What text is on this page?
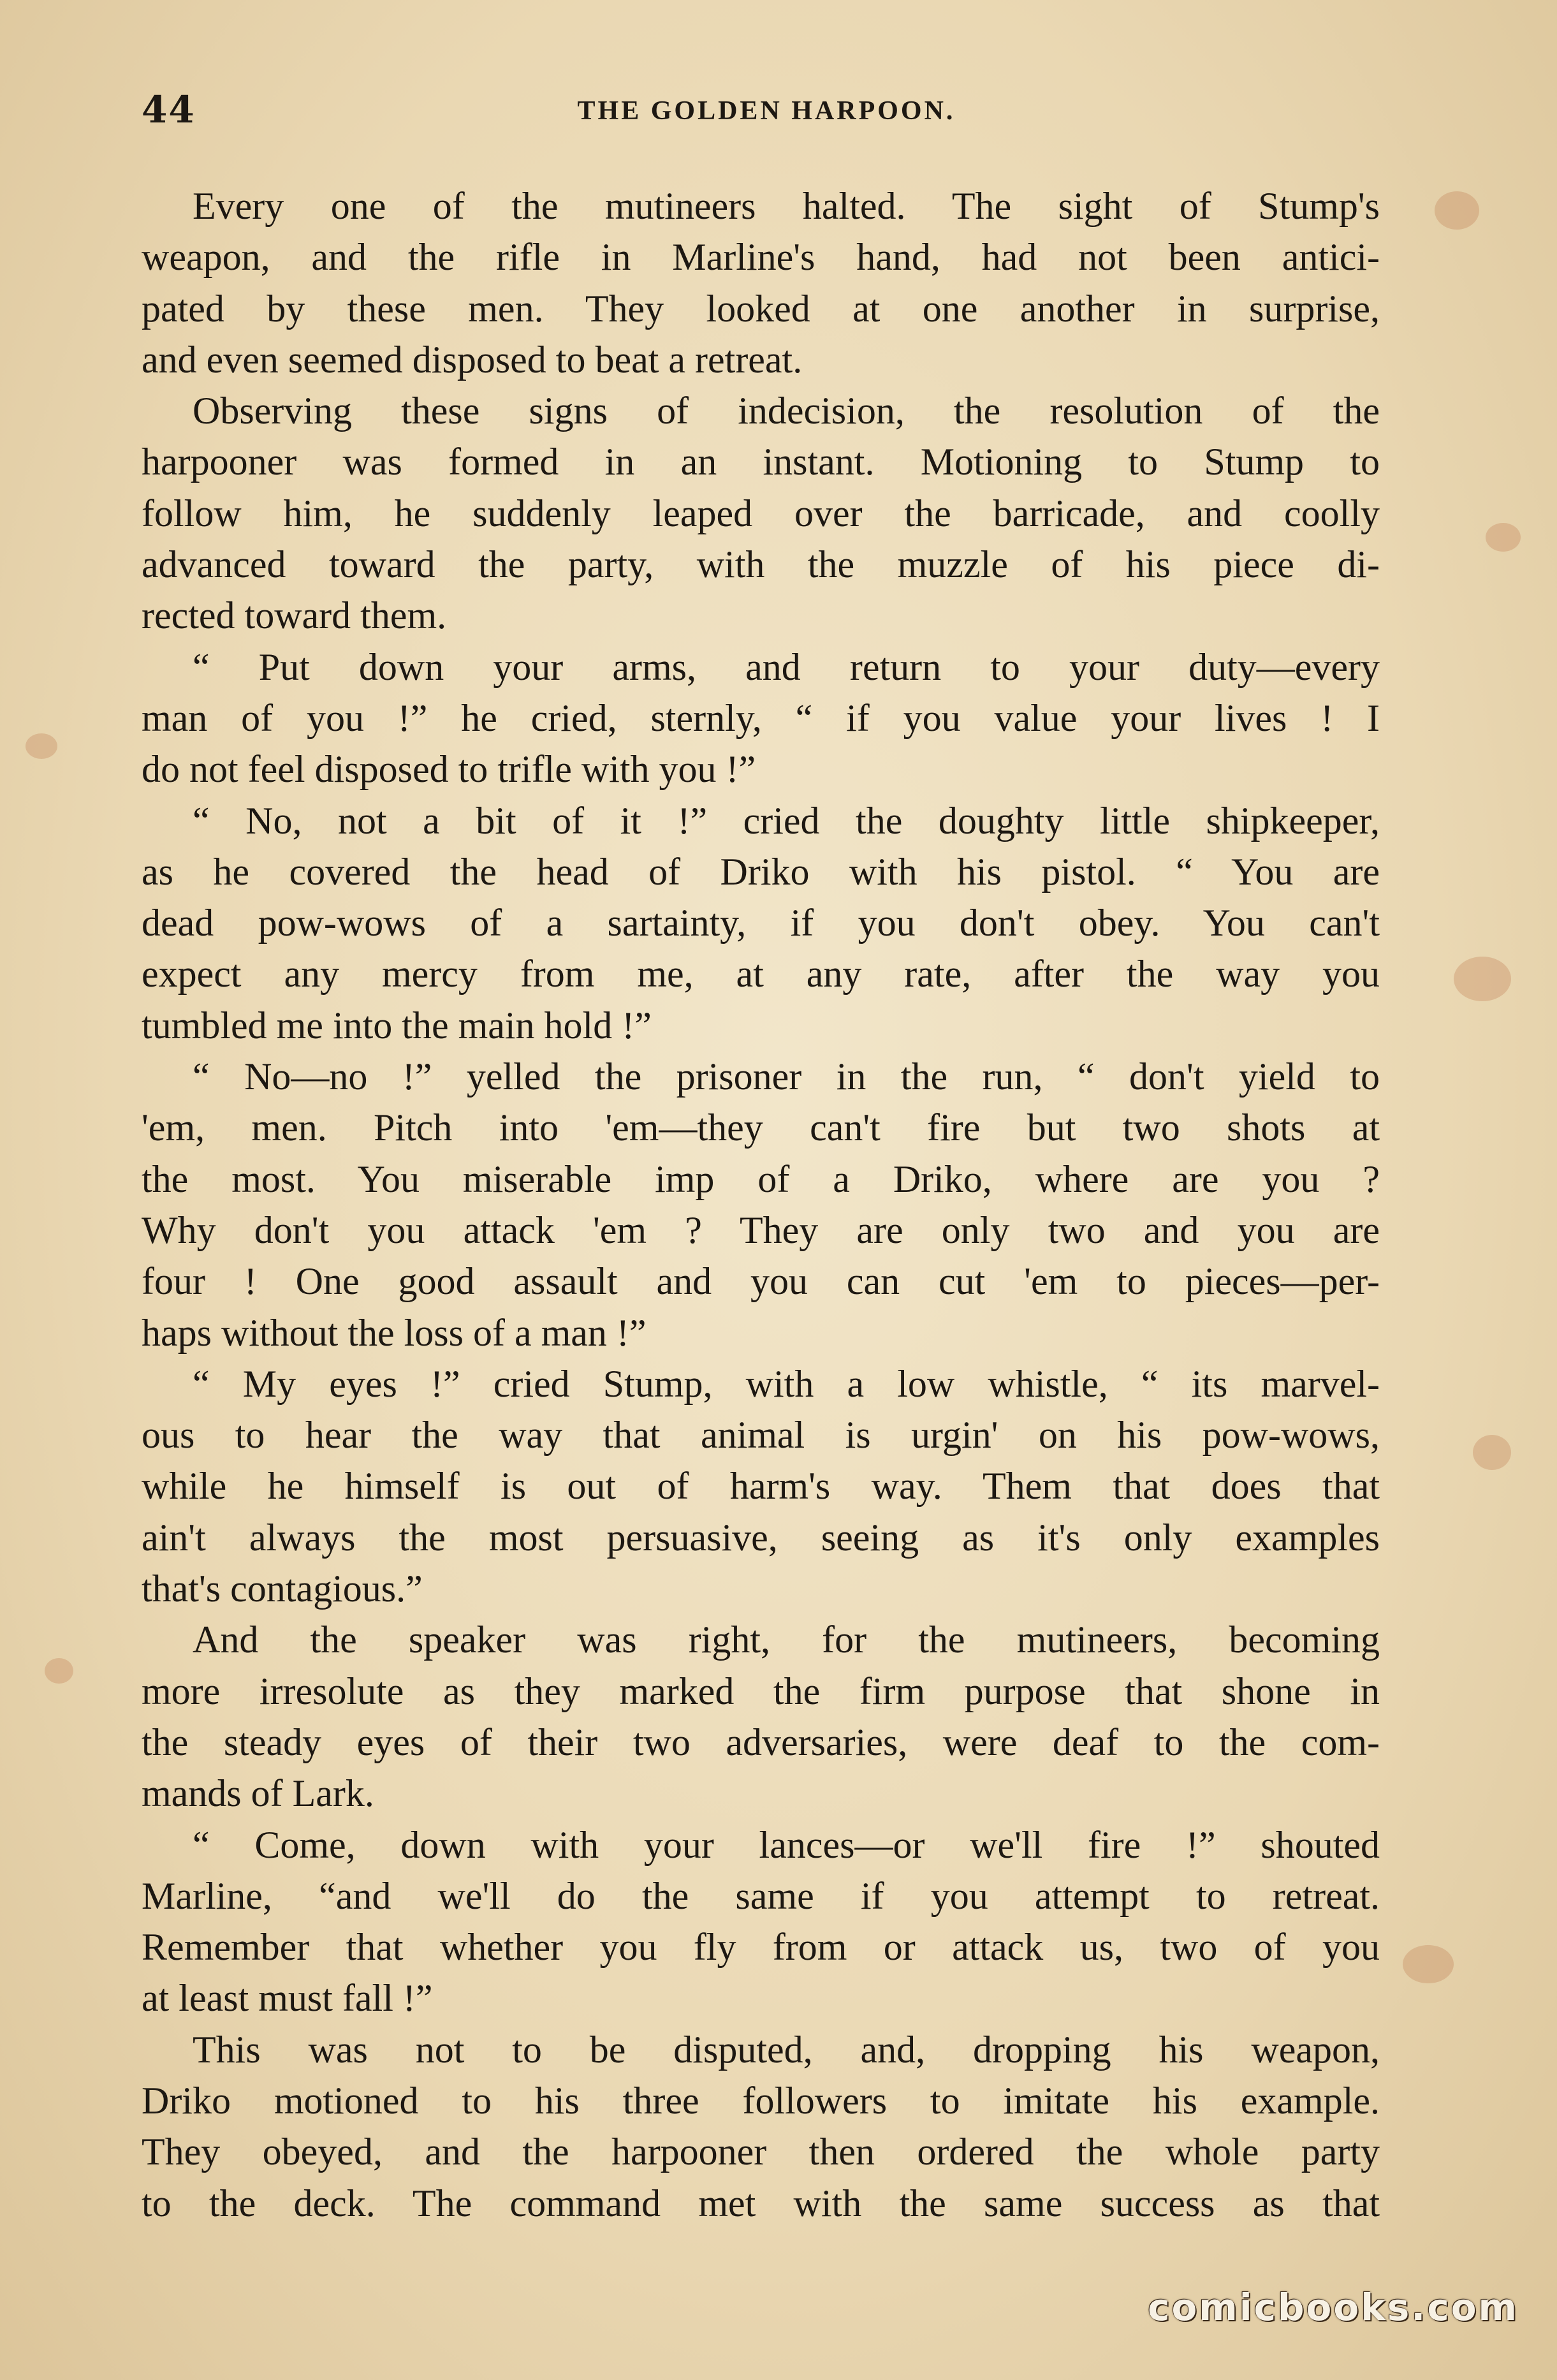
44	THE GOLDEN HARPOON.
Every one of the mutineers halted. The sight of Stump's
weapon, and the rifle in Marline's hand, had not been antici-
pated by these men. They looked at one another in surprise,
and even seemed disposed to beat a retreat.
Observing these signs of indecision, the resolution of the
harpooner was formed in an instant. Motioning to Stump to
follow him, he suddenly leaped over the barricade, and coolly
advanced toward the party, with the muzzle of his piece di-
rected toward them.
“ Put down your arms, and return to your duty—every
man of you !” he cried, sternly, “ if you value your lives ! I
do not feel disposed to trifle with you !”
“ No, not a bit of it !” cried the doughty little shipkeeper,
as he covered the head of Driko with his pistol. “ You are
dead pow-wows of a sartainty, if you don't obey. You can't
expect any mercy from me, at any rate, after the way you
tumbled me into the main hold !”
“ No—no !” yelled the prisoner in the run, “ don't yield to
'em, men. Pitch into 'em—they can't fire but two shots at
the most. You miserable imp of a Driko, where are you ?
Why don't you attack 'em ? They are only two and you are
four ! One good assault and you can cut 'em to pieces—per-
haps without the loss of a man !”
“ My eyes !” cried Stump, with a low whistle, “ its marvel-
ous to hear the way that animal is urgin' on his pow-wows,
while he himself is out of harm's way. Them that does that
ain't always the most persuasive, seeing as it's only examples
that's contagious.”
And the speaker was right, for the mutineers, becoming
more irresolute as they marked the firm purpose that shone in
the steady eyes of their two adversaries, were deaf to the com-
mands of Lark.
“ Come, down with your lances—or we'll fire !” shouted
Marline, “and we'll do the same if you attempt to retreat.
Remember that whether you fly from or attack us, two of you
at least must fall !”
This was not to be disputed, and, dropping his weapon,
Driko motioned to his three followers to imitate his example.
They obeyed, and the harpooner then ordered the whole party
to the deck. The command met with the same success as that
comicbooks.com
